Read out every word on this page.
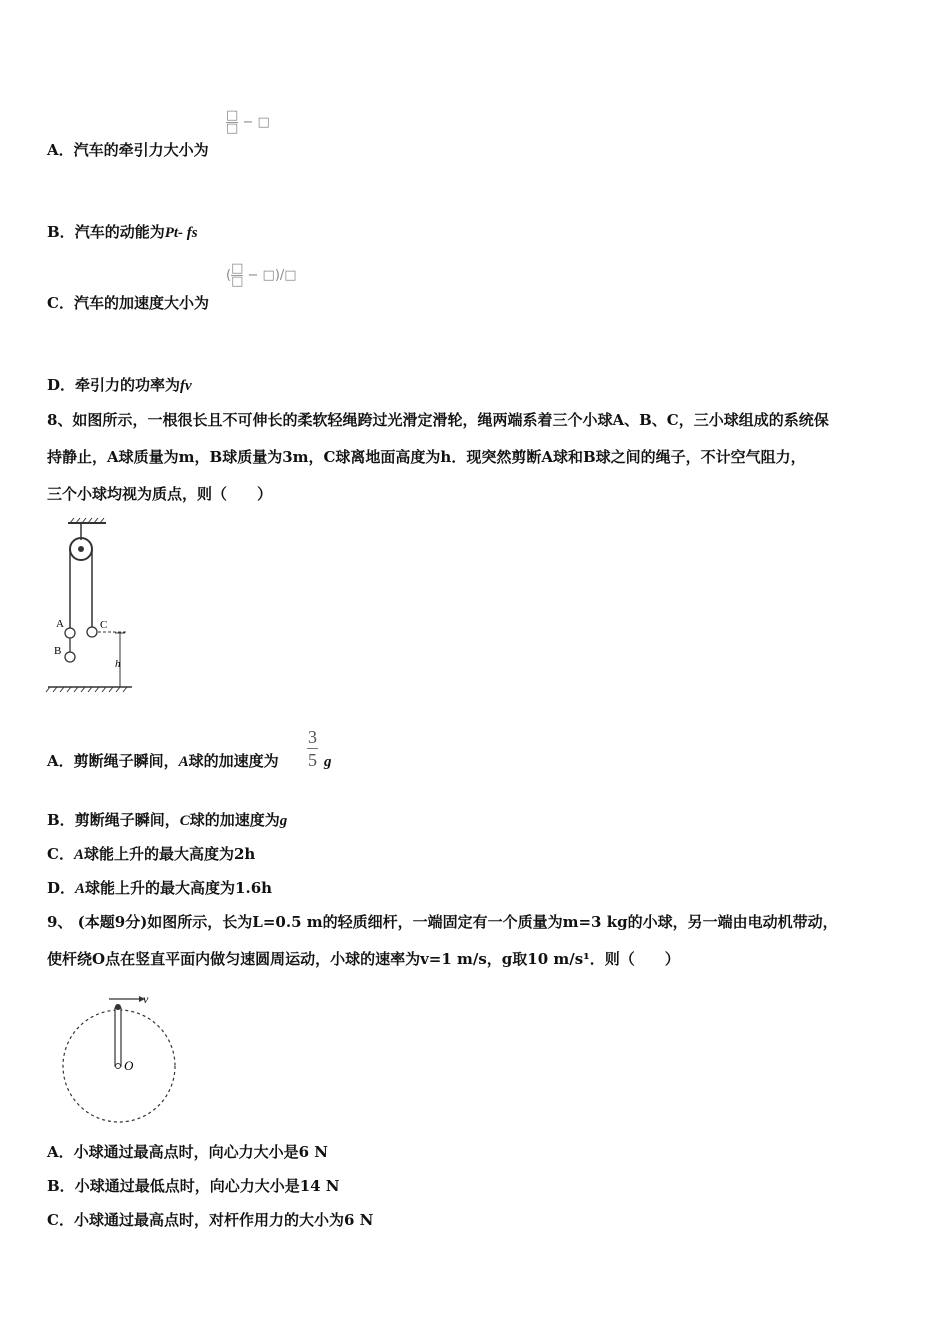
$\frac{□}{□}$ − □
A．汽车的牵引力大小为
B．汽车的动能为Pt- fs
( $\frac{□}{□}$ − □)/□
C．汽车的加速度大小为
D．牵引力的功率为fv
8、如图所示，一根很长且不可伸长的柔软轻绳跨过光滑定滑轮，绳两端系着三个小球A、B、C，三小球组成的系统保
持静止，A球质量为m，B球质量为3m，C球离地面高度为h．现突然剪断A球和B球之间的绳子，不计空气阻力，
三个小球均视为质点，则（　　）
A
B
C
h
A．剪断绳子瞬间，A球的加速度为
3
5 g
B．剪断绳子瞬间，C球的加速度为g
C．A球能上升的最大高度为2h
D．A球能上升的最大高度为1.6h
9、 (本题9分)如图所示，长为L=0.5 m的轻质细杆，一端固定有一个质量为m=3 kg的小球，另一端由电动机带动，
使杆绕O点在竖直平面内做匀速圆周运动，小球的速率为v=1 m/s，g取10 m/s¹．则（　　）
v
O
A．小球通过最高点时，向心力大小是6 N
B．小球通过最低点时，向心力大小是14 N
C．小球通过最高点时，对杆作用力的大小为6 N
